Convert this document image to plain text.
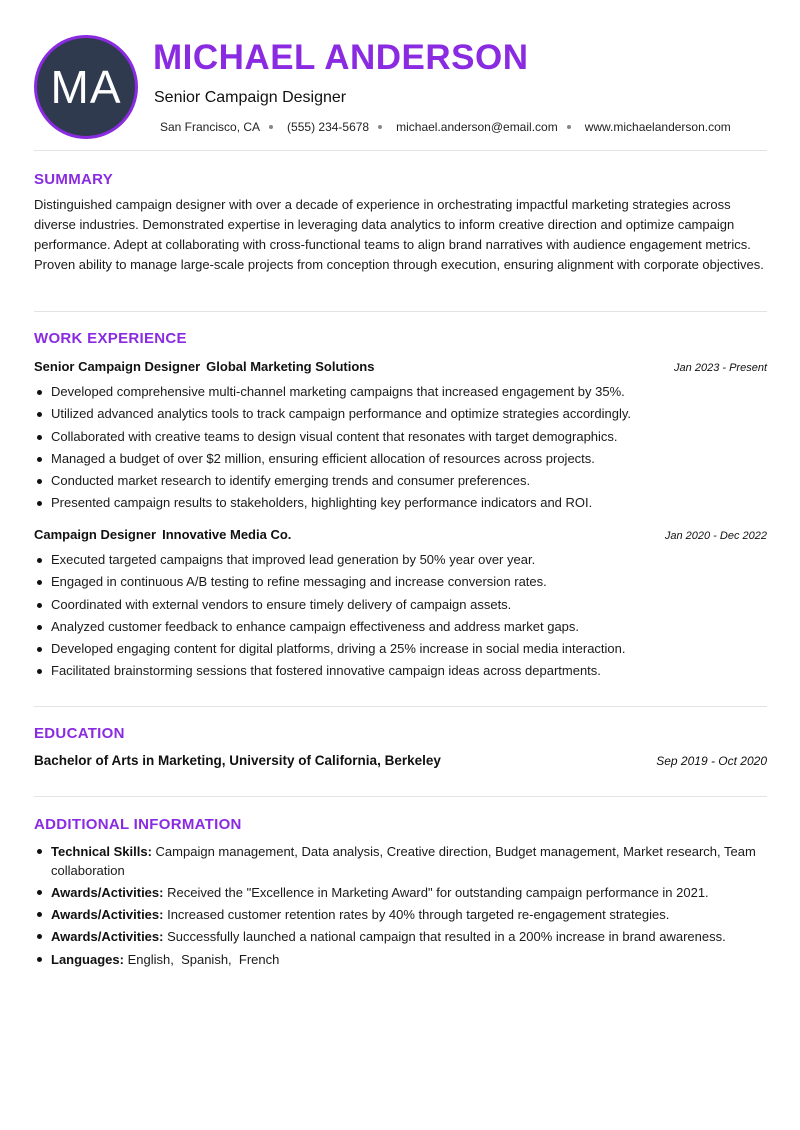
MA
MICHAEL ANDERSON
Senior Campaign Designer
San Francisco, CA (555) 234-5678 michael.anderson@email.com www.michaelanderson.com
SUMMARY

Distinguished campaign designer with over a decade of experience in orchestrating impactful marketing strategies across diverse industries. Demonstrated expertise in leveraging data analytics to inform creative direction and optimize campaign performance. Adept at collaborating with cross-functional teams to align brand narratives with audience engagement metrics. Proven ability to manage large-scale projects from conception through execution, ensuring alignment with corporate objectives.

WORK EXPERIENCE
Senior Campaign Designer Global Marketing Solutions	Jan 2023 - Present
Developed comprehensive multi-channel marketing campaigns that increased engagement by 35%.
Utilized advanced analytics tools to track campaign performance and optimize strategies accordingly.
Collaborated with creative teams to design visual content that resonates with target demographics.
Managed a budget of over $2 million, ensuring efficient allocation of resources across projects.
Conducted market research to identify emerging trends and consumer preferences.
Presented campaign results to stakeholders, highlighting key performance indicators and ROI.
Campaign Designer Innovative Media Co.	Jan 2020 - Dec 2022
Executed targeted campaigns that improved lead generation by 50% year over year.
Engaged in continuous A/B testing to refine messaging and increase conversion rates.
Coordinated with external vendors to ensure timely delivery of campaign assets.
Analyzed customer feedback to enhance campaign effectiveness and address market gaps.
Developed engaging content for digital platforms, driving a 25% increase in social media interaction.
Facilitated brainstorming sessions that fostered innovative campaign ideas across departments.
EDUCATION
Bachelor of Arts in Marketing, University of California, Berkeley	Sep 2019 - Oct 2020
ADDITIONAL INFORMATION
Technical Skills: Campaign management, Data analysis, Creative direction, Budget management, Market research, Team collaboration
Awards/Activities: Received the "Excellence in Marketing Award" for outstanding campaign performance in 2021.
Awards/Activities: Increased customer retention rates by 40% through targeted re-engagement strategies.
Awards/Activities: Successfully launched a national campaign that resulted in a 200% increase in brand awareness.
Languages: English,  Spanish,  French
